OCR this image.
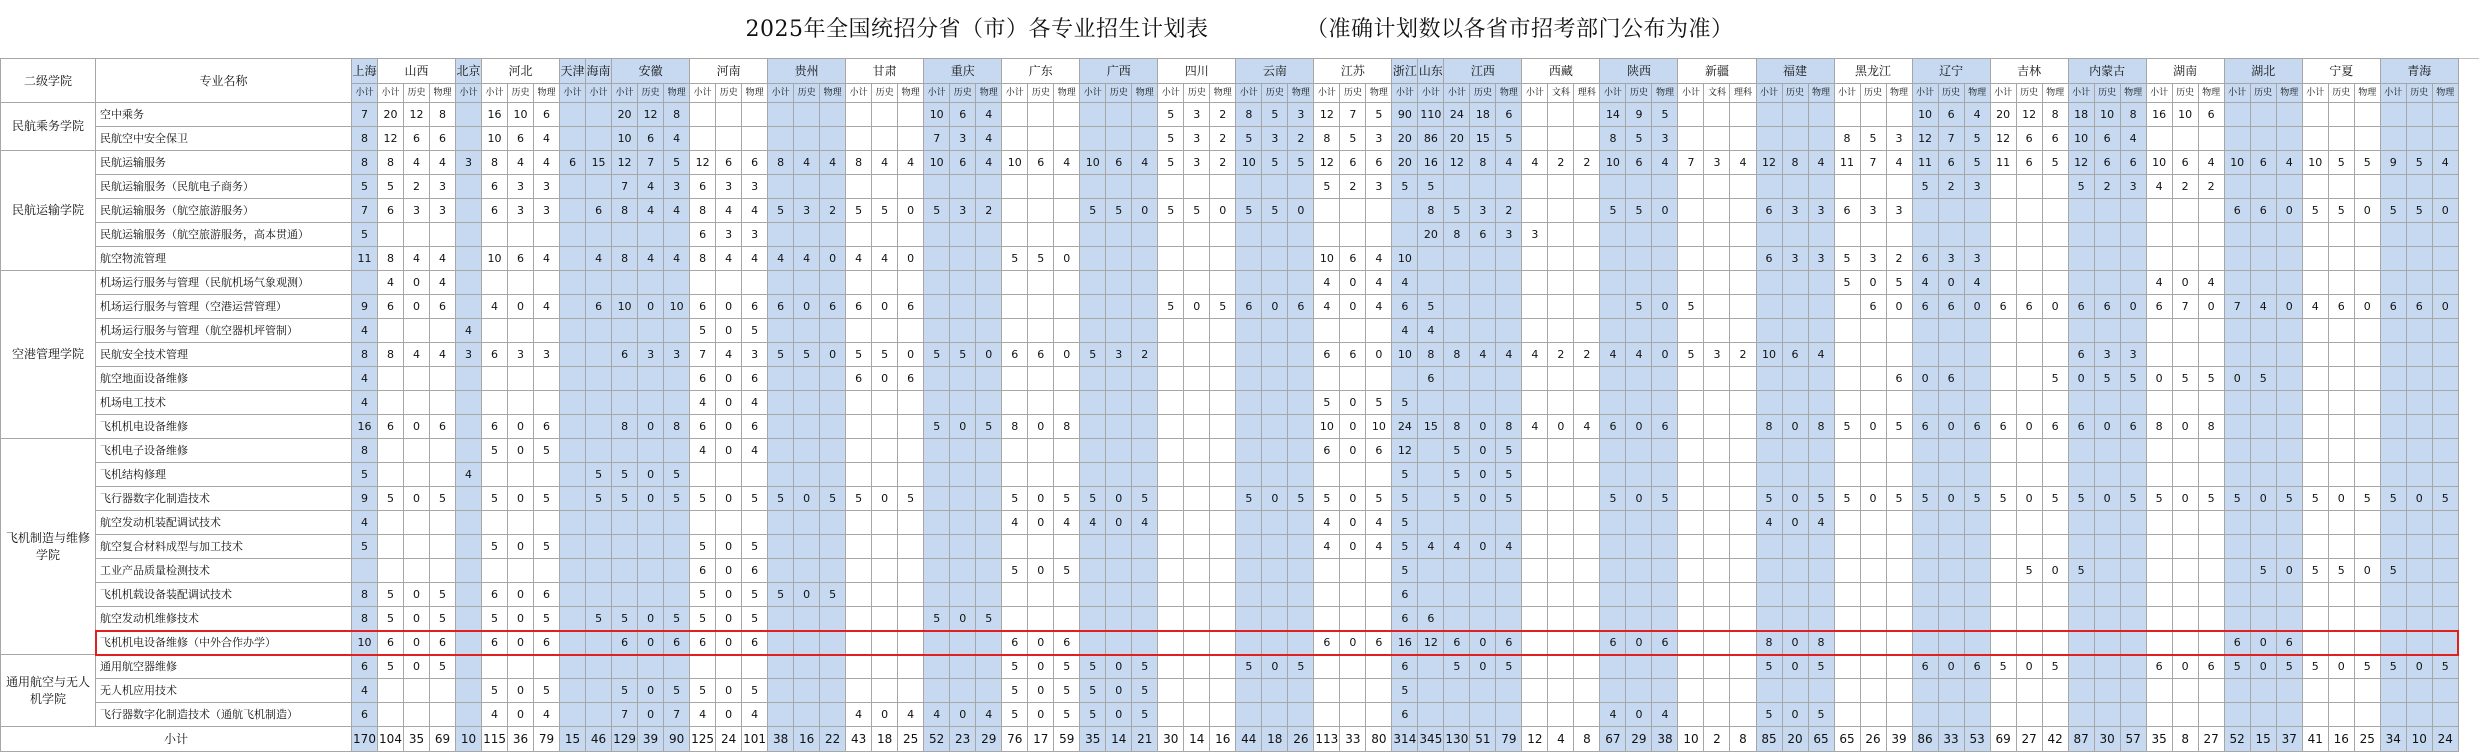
2025年全国统招分省（市）各专业招生计划表             （准确计划数以各省市招考部门公布为准）
二级学院	专业名称	上海	山西	北京	河北	天津	海南	安徽	河南	贵州	甘肃	重庆	广东	广西	四川	云南	江苏	浙江	山东	江西	西藏	陕西	新疆	福建	黑龙江	辽宁	吉林	内蒙古	湖南	湖北	宁夏	青海
小计	小计	历史	物理	小计	小计	历史	物理	小计	小计	小计	历史	物理	小计	历史	物理	小计	历史	物理	小计	历史	物理	小计	历史	物理	小计	历史	物理	小计	历史	物理	小计	历史	物理	小计	历史	物理	小计	历史	物理	小计	小计	小计	历史	物理	小计	文科	理科	小计	历史	物理	小计	文科	理科	小计	历史	物理	小计	历史	物理	小计	历史	物理	小计	历史	物理	小计	历史	物理	小计	历史	物理	小计	历史	物理	小计	历史	物理	小计	历史	物理
民航乘务学院	空中乘务	7	20	12	8		16	10	6			20	12	8										10	6	4							5	3	2	8	5	3	12	7	5	90	110	24	18	6				14	9	5										10	6	4	20	12	8	18	10	8	16	10	6									
民航空中安全保卫	8	12	6	6		10	6	4			10	6	4										7	3	4							5	3	2	5	3	2	8	5	3	20	86	20	15	5				8	5	3							8	5	3	12	7	5	12	6	6	10	6	4												
民航运输学院	民航运输服务	8	8	4	4	3	8	4	4	6	15	12	7	5	12	6	6	8	4	4	8	4	4	10	6	4	10	6	4	10	6	4	5	3	2	10	5	5	12	6	6	20	16	12	8	4	4	2	2	10	6	4	7	3	4	12	8	4	11	7	4	11	6	5	11	6	5	12	6	6	10	6	4	10	6	4	10	5	5	9	5	4
民航运输服务（民航电子商务）	5	5	2	3		6	3	3			7	4	3	6	3	3																						5	2	3	5	5																			5	2	3				5	2	3	4	2	2									
民航运输服务（航空旅游服务）	7	6	3	3		6	3	3		6	8	4	4	8	4	4	5	3	2	5	5	0	5	3	2				5	5	0	5	5	0	5	5	0					8	5	3	2				5	5	0				6	3	3	6	3	3													6	6	0	5	5	0	5	5	0
民航运输服务（航空旅游服务，高本贯通）	5													6	3	3																										20	8	6	3	3																																			
航空物流管理	11	8	4	4		10	6	4		4	8	4	4	8	4	4	4	4	0	4	4	0				5	5	0										10	6	4	10														6	3	3	5	3	2	6	3	3																		
空港管理学院	机场运行服务与管理（民航机场气象观测）		4	0	4																																		4	0	4	4																	5	0	5	4	0	4							4	0	4									
机场运行服务与管理（空港运营管理）	9	6	0	6		4	0	4		6	10	0	10	6	0	6	6	0	6	6	0	6										5	0	5	6	0	6	4	0	4	6	5								5	0	5							6	0	6	6	0	6	6	0	6	6	0	6	7	0	7	4	0	4	6	0	6	6	0
机场运行服务与管理（航空器机坪管制）	4				4									5	0	5																									4	4																																							
民航安全技术管理	8	8	4	4	3	6	3	3			6	3	3	7	4	3	5	5	0	5	5	0	5	5	0	6	6	0	5	3	2							6	6	0	10	8	8	4	4	4	2	2	4	4	0	5	3	2	10	6	4										6	3	3												
航空地面设备维修	4													6	0	6				6	0	6																				6																		6	0	6				5	0	5	5	0	5	5	0	5							
机场电工技术	4													4	0	4																						5	0	5	5																																								
飞机机电设备维修	16	6	0	6		6	0	6			8	0	8	6	0	6							5	0	5	8	0	8										10	0	10	24	15	8	0	8	4	0	4	6	0	6				8	0	8	5	0	5	6	0	6	6	0	6	6	0	6	8	0	8									
飞机制造与维修学院	飞机电子设备维修	8					5	0	5						4	0	4																						6	0	6	12		5	0	5																																				
飞机结构修理	5				4					5	5	0	5																												5		5	0	5																																				
飞行器数字化制造技术	9	5	0	5		5	0	5		5	5	0	5	5	0	5	5	0	5	5	0	5				5	0	5	5	0	5				5	0	5	5	0	5	5		5	0	5				5	0	5				5	0	5	5	0	5	5	0	5	5	0	5	5	0	5	5	0	5	5	0	5	5	0	5	5	0	5
航空发动机装配调试技术	4																									4	0	4	4	0	4							4	0	4	5														4	0	4																								
航空复合材料成型与加工技术	5					5	0	5						5	0	5																						4	0	4	5	4	4	0	4																																				
工业产品质量检测技术														6	0	6										5	0	5													5																								5	0	5							5	0	5	5	0	5		
飞机机载设备装配调试技术	8	5	0	5		6	0	6						5	0	5	5	0	5																						6																																								
航空发动机维修技术	8	5	0	5		5	0	5		5	5	0	5	5	0	5							5	0	5																6	6																																							
飞机机电设备维修（中外合作办学）	10	6	0	6		6	0	6			6	0	6	6	0	6										6	0	6										6	0	6	16	12	6	0	6				6	0	6				8	0	8																6	0	6						
通用航空与无人机学院	通用航空器维修	6	5	0	5																						5	0	5	5	0	5				5	0	5				6		5	0	5										5	0	5				6	0	6	5	0	5				6	0	6	5	0	5	5	0	5	5	0	5
无人机应用技术	4					5	0	5			5	0	5	5	0	5										5	0	5	5	0	5										5																																								
飞行器数字化制造技术（通航飞机制造）	6					4	0	4			7	0	7	4	0	4				4	0	4	4	0	4	5	0	5	5	0	5										6								4	0	4				5	0	5																								
小计	170	104	35	69	10	115	36	79	15	46	129	39	90	125	24	101	38	16	22	43	18	25	52	23	29	76	17	59	35	14	21	30	14	16	44	18	26	113	33	80	314	345	130	51	79	12	4	8	67	29	38	10	2	8	85	20	65	65	26	39	86	33	53	69	27	42	87	30	57	35	8	27	52	15	37	41	16	25	34	10	24
